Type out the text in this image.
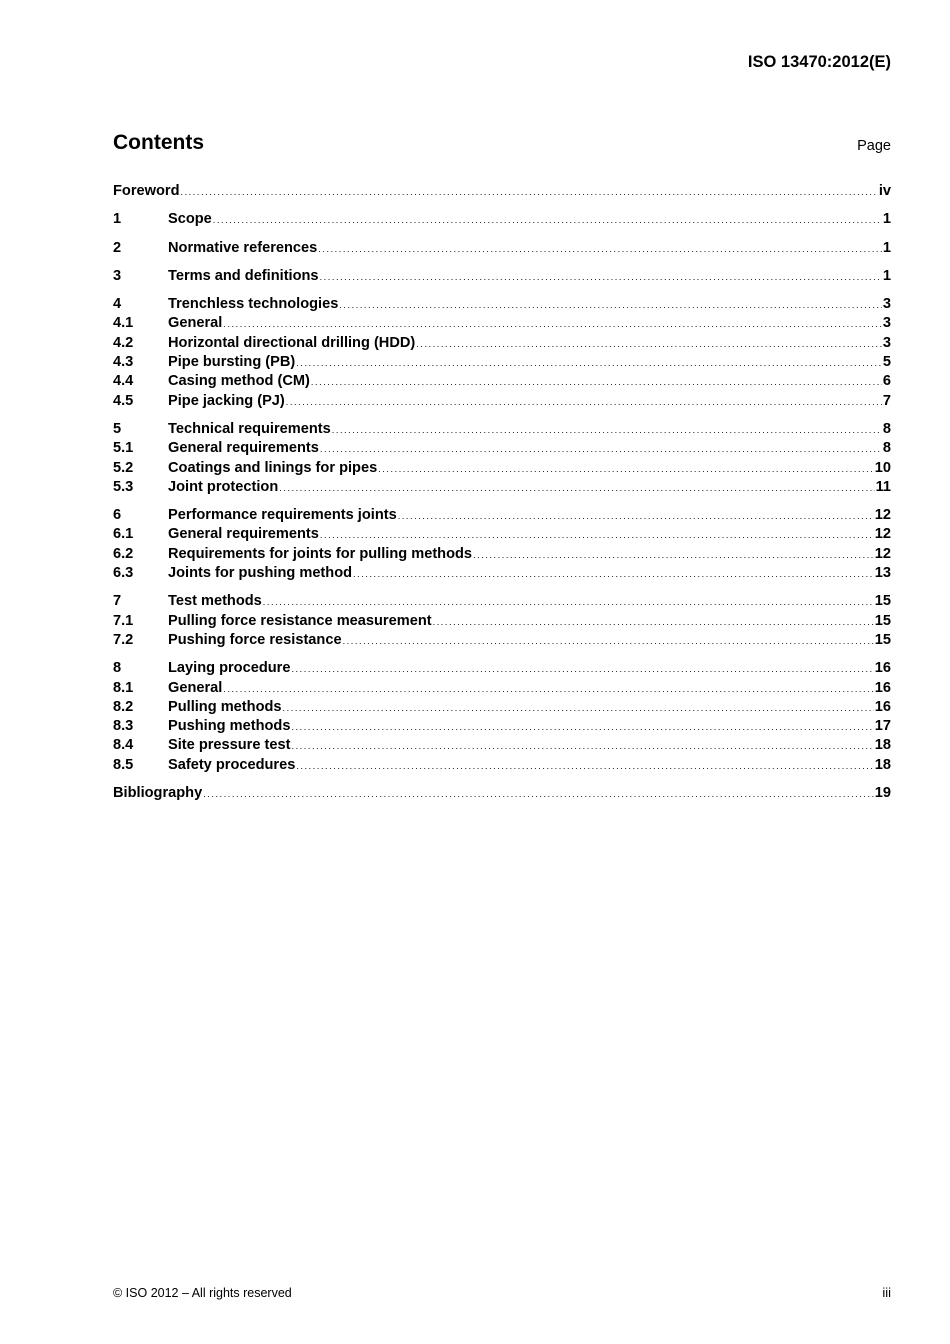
ISO 13470:2012(E)
Contents	Page
Foreword .....	iv
1	Scope .....	1
2	Normative references .....	1
3	Terms and definitions .....	1
4	Trenchless technologies .....	3
4.1	General .....	3
4.2	Horizontal directional drilling (HDD) .....	3
4.3	Pipe bursting (PB) .....	5
4.4	Casing method (CM) .....	6
4.5	Pipe jacking (PJ) .....	7
5	Technical requirements .....	8
5.1	General requirements .....	8
5.2	Coatings and linings for pipes .....	10
5.3	Joint protection .....	11
6	Performance requirements joints .....	12
6.1	General requirements .....	12
6.2	Requirements for joints for pulling methods .....	12
6.3	Joints for pushing method .....	13
7	Test methods .....	15
7.1	Pulling force resistance measurement .....	15
7.2	Pushing force resistance .....	15
8	Laying procedure .....	16
8.1	General .....	16
8.2	Pulling methods .....	16
8.3	Pushing methods .....	17
8.4	Site pressure test .....	18
8.5	Safety procedures .....	18
Bibliography .....	19
© ISO 2012 – All rights reserved	iii
